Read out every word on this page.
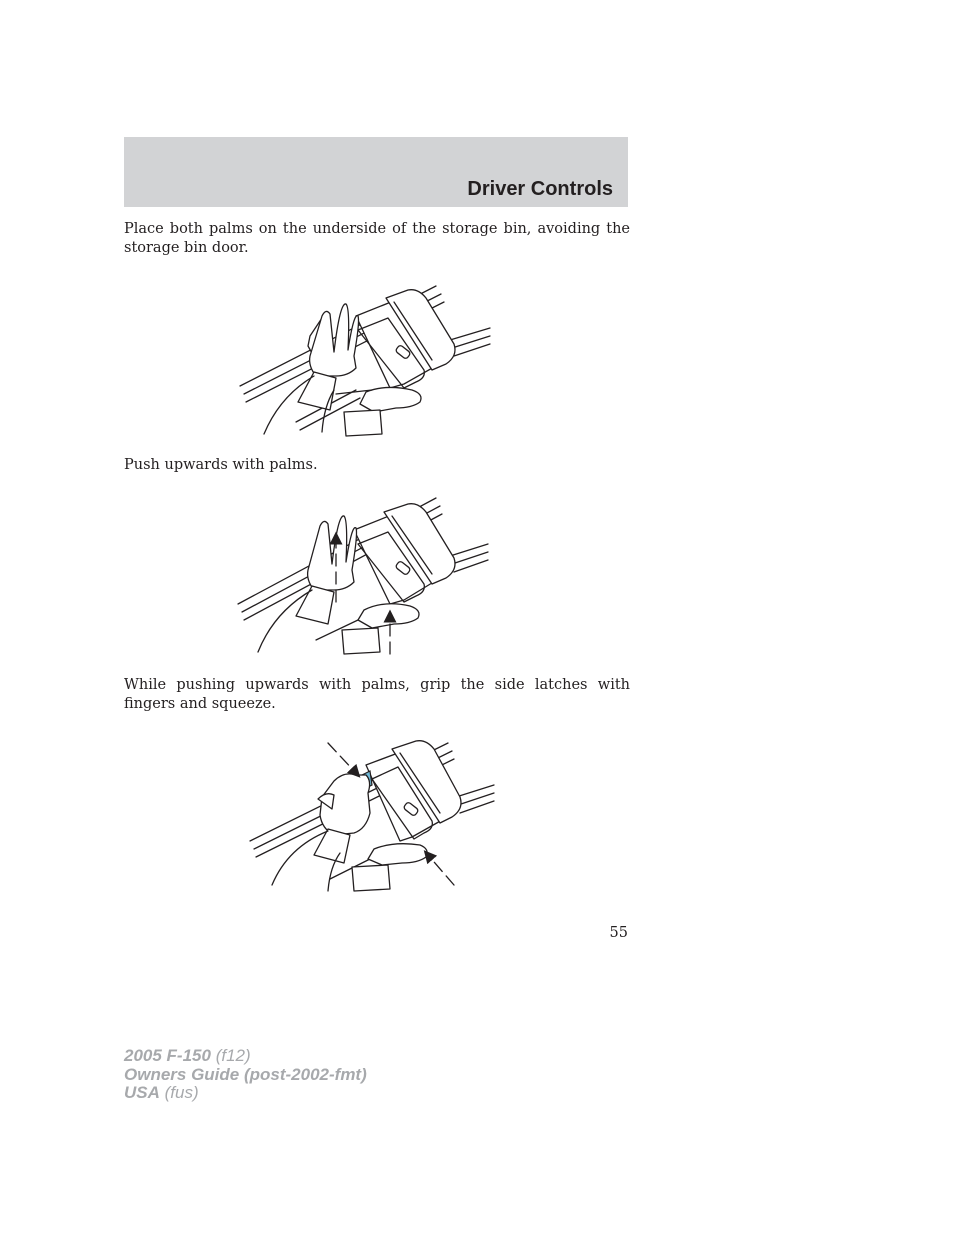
Driver Controls

Place both palms on the underside of the storage bin, avoiding the storage bin door.

Push upwards with palms.

While pushing upwards with palms, grip the side latches with fingers and squeeze.

55

2005 F-150 (f12)
Owners Guide (post-2002-fmt)
USA (fus)
